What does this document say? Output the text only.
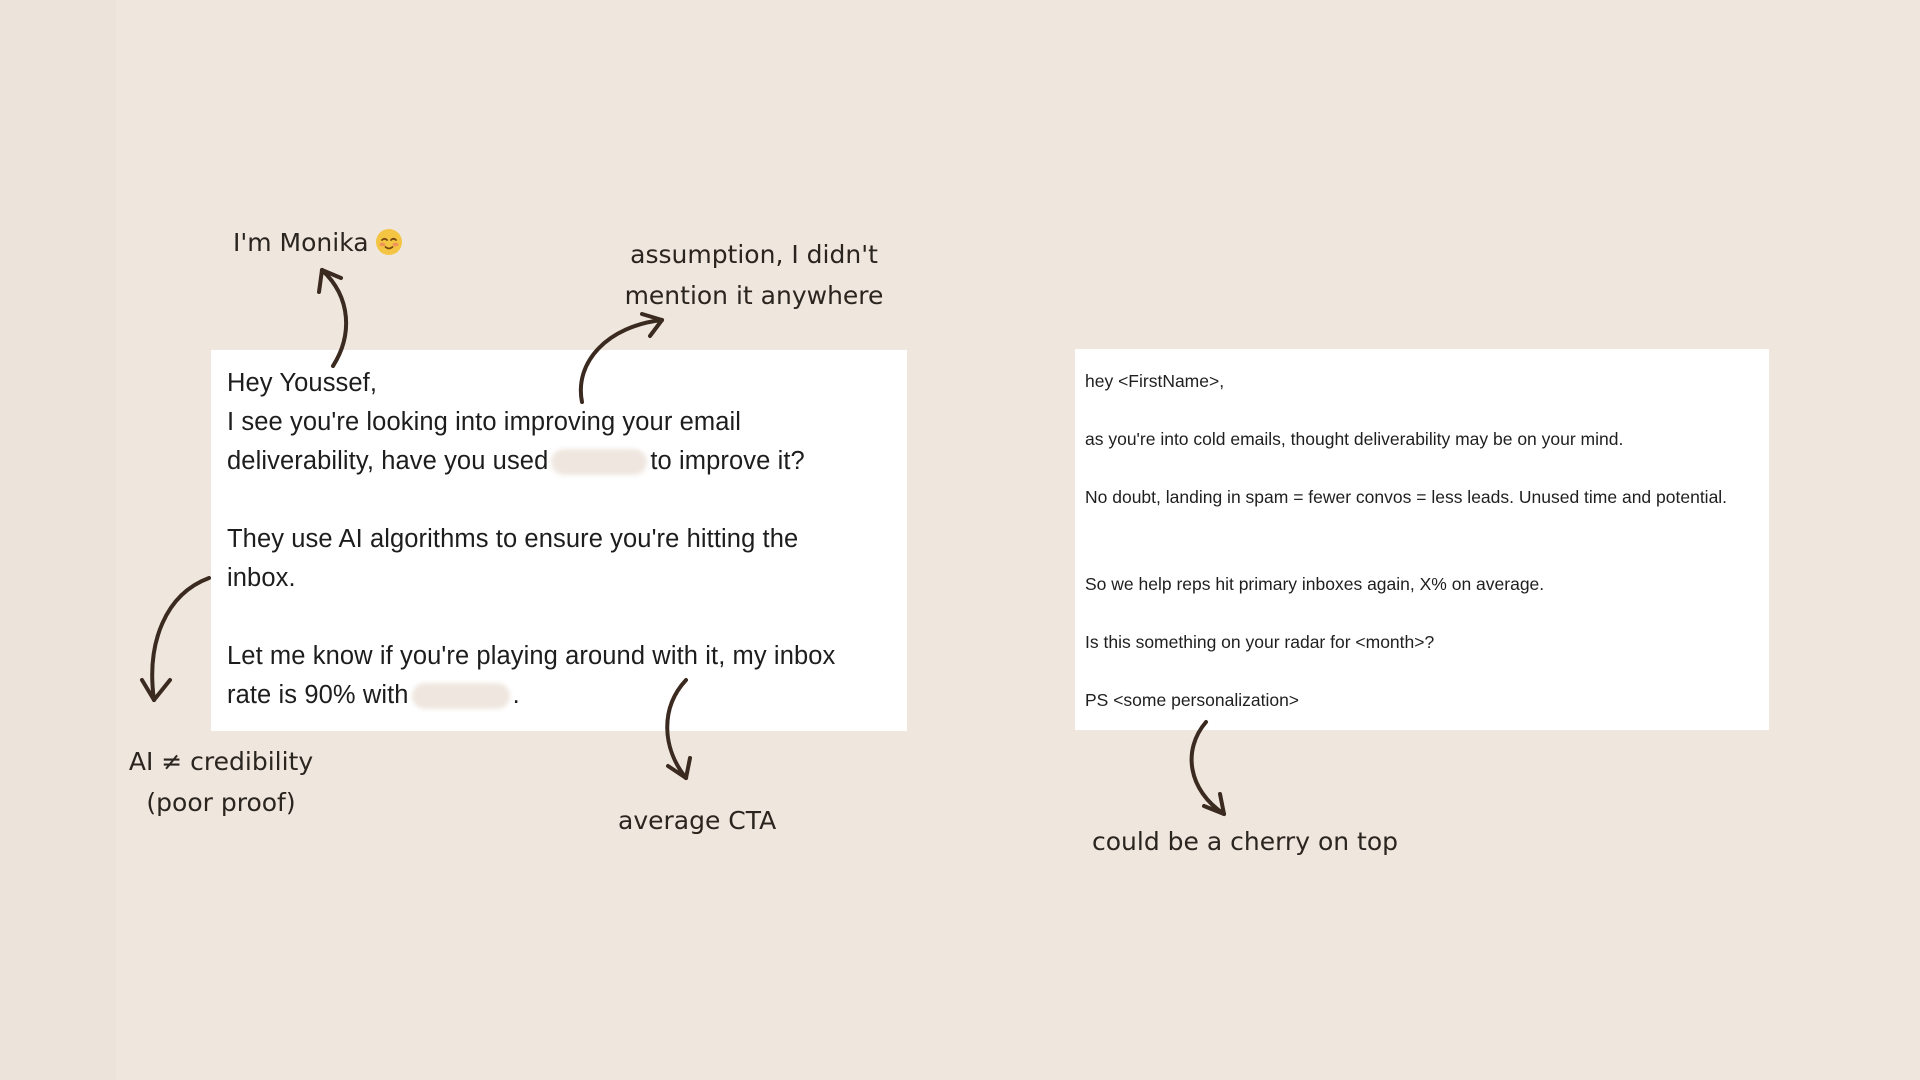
Hey Youssef,
I see you're looking into improving your email
deliverability, have you used	to improve it?
They use AI algorithms to ensure you're hitting the
inbox.
Let me know if you're playing around with it, my inbox
rate is 90% with	.
hey <FirstName>,
as you're into cold emails, thought deliverability may be on your mind.
No doubt, landing in spam = fewer convos = less leads. Unused time and potential.
So we help reps hit primary inboxes again, X% on average.
Is this something on your radar for <month>?
PS <some personalization>
I'm Monika	assumption, I didn't
mention it anywhere
AI ≠ credibility
(poor proof)
average CTA
could be a cherry on top
